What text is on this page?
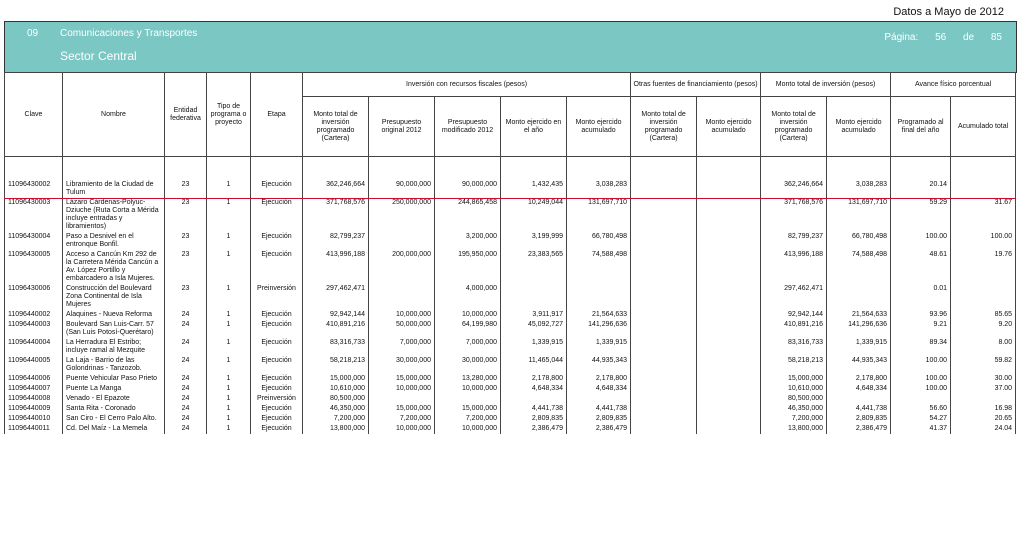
Datos a Mayo de 2012
09 Comunicaciones y Transportes
Sector Central
Página: 56 de 85
Clave	Nombre	Entidad federativa	Tipo de programa o proyecto	Etapa	Inversión con recursos fiscales (pesos)					Otras fuentes de financiamiento (pesos)		Monto total de inversión (pesos)		Avance físico porcentual	
					Monto total de inversión programado (Cartera)	Presupuesto original 2012	Presupuesto modificado 2012	Monto ejercido en el año	Monto ejercido acumulado	Monto total de inversión programado (Cartera)	Monto ejercido acumulado	Monto total de inversión programado (Cartera)	Monto ejercido acumulado	Programado al final del año	Acumulado total
11096430002	Libramiento de la Ciudad de Tulum	23	1	Ejecución	362,246,664	90,000,000	90,000,000	1,432,435	3,038,283			362,246,664	3,038,283	20.14	
11096430003	Lázaro Cárdenas-Polyuc-Dziuche (Ruta Corta a Mérida incluye entradas y libramientos)	23	1	Ejecución	371,768,576	250,000,000	244,865,458	10,249,044	131,697,710			371,768,576	131,697,710	59.29	31.67
11096430004	Paso a Desnivel en el entronque Bonfil.	23	1	Ejecución	82,799,237		3,200,000	3,199,999	66,780,498			82,799,237	66,780,498	100.00	100.00
11096430005	Acceso a Cancún Km 292 de la Carretera Mérida Cancún a Av. López Portillo y embarcadero a Isla Mujeres.	23	1	Ejecución	413,996,188	200,000,000	195,950,000	23,383,565	74,588,498			413,996,188	74,588,498	48.61	19.76
11096430006	Construcción del Boulevard Zona Continental de Isla Mujeres	23	1	Preinversión	297,462,471		4,000,000					297,462,471		0.01	
11096440002	Alaquines - Nueva Reforma	24	1	Ejecución	92,942,144	10,000,000	10,000,000	3,911,917	21,564,633			92,942,144	21,564,633	93.96	85.65
11096440003	Boulevard San Luis-Carr. 57 (San Luis Potosí-Querétaro)	24	1	Ejecución	410,891,216	50,000,000	64,199,980	45,092,727	141,296,636			410,891,216	141,296,636	9.21	9.20
11096440004	La Herradura El Estribo; incluye ramal al Mezquite	24	1	Ejecución	83,316,733	7,000,000	7,000,000	1,339,915	1,339,915			83,316,733	1,339,915	89.34	8.00
11096440005	La Laja - Barrio de las Golondrinas - Tanzozob.	24	1	Ejecución	58,218,213	30,000,000	30,000,000	11,465,044	44,935,343			58,218,213	44,935,343	100.00	59.82
11096440006	Puente Vehicular Paso Prieto	24	1	Ejecución	15,000,000	15,000,000	13,280,000	2,178,800	2,178,800			15,000,000	2,178,800	100.00	30.00
11096440007	Puente La Manga	24	1	Ejecución	10,610,000	10,000,000	10,000,000	4,648,334	4,648,334			10,610,000	4,648,334	100.00	37.00
11096440008	Venado - El Epazote	24	1	Preinversión	80,500,000							80,500,000			
11096440009	Santa Rita - Coronado	24	1	Ejecución	46,350,000	15,000,000	15,000,000	4,441,738	4,441,738			46,350,000	4,441,738	56.60	16.98
11096440010	San Ciro - El Cerro Palo Alto.	24	1	Ejecución	7,200,000	7,200,000	7,200,000	2,809,835	2,809,835			7,200,000	2,809,835	54.27	20.65
11096440011	Cd. Del Maíz - La Memela	24	1	Ejecución	13,800,000	10,000,000	10,000,000	2,386,479	2,386,479			13,800,000	2,386,479	41.37	24.04
